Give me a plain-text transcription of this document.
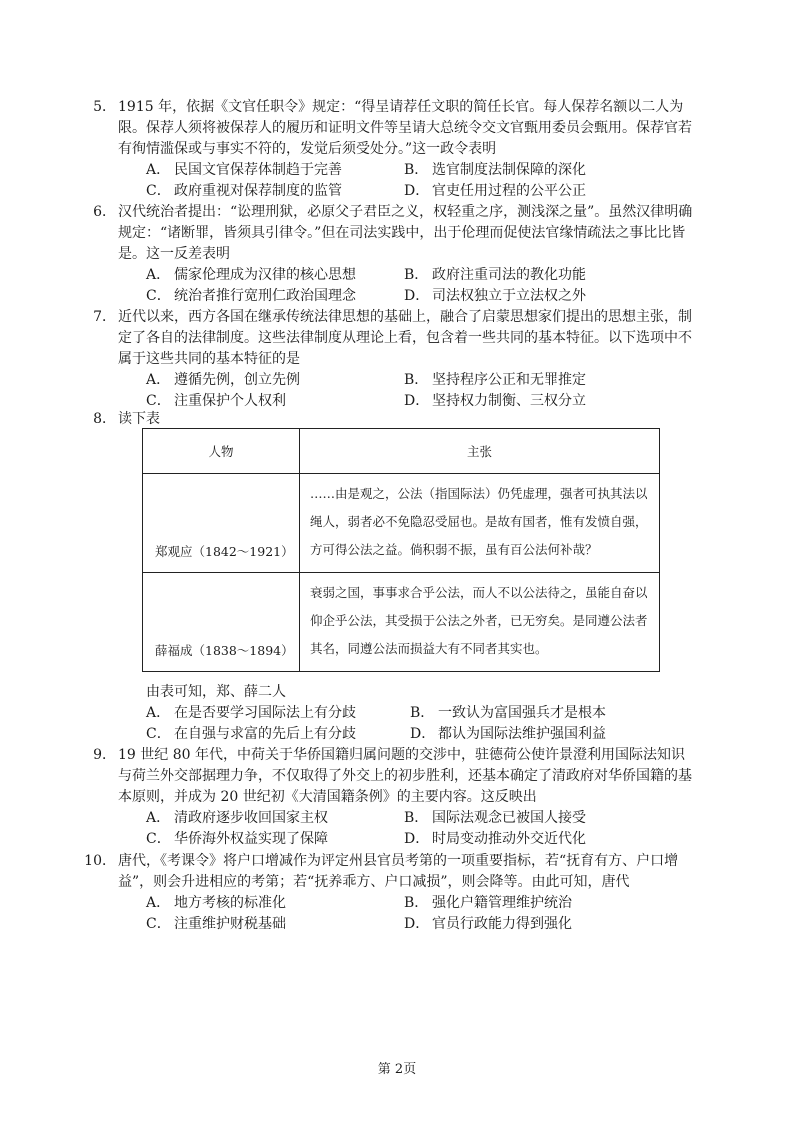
5． 1915 年，依据《文官任职令》规定：“得呈请荐任文职的简任长官。每人保荐名额以二人为限。保荐人须将被保荐人的履历和证明文件等呈请大总统令交文官甄用委员会甄用。保荐官若有徇情滥保或与事实不符的，发觉后须受处分。”这一政令表明

A． 民国文官保荐体制趋于完善	B． 选官制度法制保障的深化
C． 政府重视对保荐制度的监管	D． 官吏任用过程的公平公正
6． 汉代统治者提出：“讼理刑狱，必原父子君臣之义，权轻重之序，测浅深之量”。虽然汉律明确规定：“诸断罪，皆须具引律令。”但在司法实践中，出于伦理而促使法官缘情疏法之事比比皆是。这一反差表明

A． 儒家伦理成为汉律的核心思想	B． 政府注重司法的教化功能
C． 统治者推行宽刑仁政治国理念	D． 司法权独立于立法权之外
7． 近代以来，西方各国在继承传统法律思想的基础上，融合了启蒙思想家们提出的思想主张，制定了各自的法律制度。这些法律制度从理论上看，包含着一些共同的基本特征。以下选项中不属于这些共同的基本特征的是

A． 遵循先例，创立先例	B． 坚持程序公正和无罪推定
C． 注重保护个人权利	D． 坚持权力制衡、三权分立
8． 读下表

人物	主张

郑观应（1842～1921）	……由是观之，公法（指国际法）仍凭虚理，强者可执其法以绳人，弱者必不免隐忍受屈也。是故有国者，惟有发愤自强，方可得公法之益。倘积弱不振，虽有百公法何补哉？

薛福成（1838～1894）	衰弱之国，事事求合乎公法，而人不以公法待之，虽能自奋以仰企乎公法，其受损于公法之外者，已无穷矣。是同遵公法者其名，同遵公法而损益大有不同者其实也。

由表可知，郑、薛二人

A． 在是否要学习国际法上有分歧	B． 一致认为富国强兵才是根本
C． 在自强与求富的先后上有分歧	D． 都认为国际法维护强国利益
9． 19 世纪 80 年代，中荷关于华侨国籍归属问题的交涉中，驻德荷公使许景澄利用国际法知识与荷兰外交部据理力争，不仅取得了外交上的初步胜利，还基本确定了清政府对华侨国籍的基本原则，并成为 20 世纪初《大清国籍条例》的主要内容。这反映出

A． 清政府逐步收回国家主权	B． 国际法观念已被国人接受
C． 华侨海外权益实现了保障	D． 时局变动推动外交近代化
10． 唐代，《考课令》将户口增减作为评定州县官员考第的一项重要指标，若“抚育有方、户口增益”，则会升进相应的考第；若“抚养乖方、户口减损”，则会降等。由此可知，唐代

A． 地方考核的标准化	B． 强化户籍管理维护统治
C． 注重维护财税基础	D． 官员行政能力得到强化
第 2页
